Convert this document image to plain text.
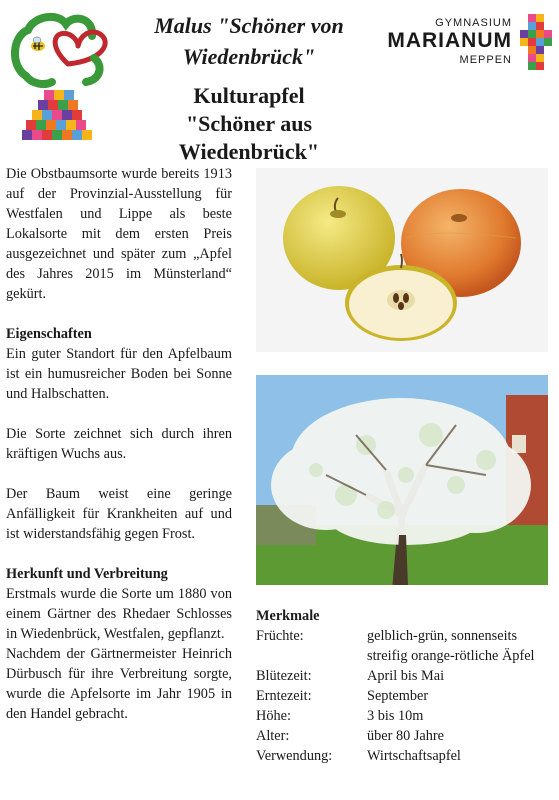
Malus "Schöner von Wiedenbrück"
Kulturapfel
"Schöner aus Wiedenbrück"
GYMNASIUM
MARIANUM
MEPPEN

Die Obstbaumsorte wurde bereits 1913 auf der Provinzial-Ausstellung für Westfalen und Lippe als beste Lokalsorte mit dem ersten Preis ausgezeichnet und später zum „Apfel des Jahres 2015 im Münsterland“ gekürt.

Eigenschaften

Ein guter Standort für den Apfelbaum ist ein humusreicher Boden bei Sonne und Halbschatten.

Die Sorte zeichnet sich durch ihren kräftigen Wuchs aus.

Der Baum weist eine geringe Anfälligkeit für Krankheiten auf und ist widerstandsfähig gegen Frost.

Herkunft und Verbreitung

Erstmals wurde die Sorte um 1880 von einem Gärtner des Rhedaer Schlosses in Wiedenbrück, Westfalen, gepflanzt.

Nachdem der Gärtnermeister Heinrich Dürbusch für ihre Verbreitung sorgte, wurde die Apfelsorte im Jahr 1905 in den Handel gebracht.

Merkmale
Früchte:	gelblich-grün, sonnenseits streifig orange-rötliche Äpfel
Blütezeit:	April bis Mai
Erntezeit:	September
Höhe:	3 bis 10m
Alter:	über 80 Jahre
Verwendung:	Wirtschaftsapfel
